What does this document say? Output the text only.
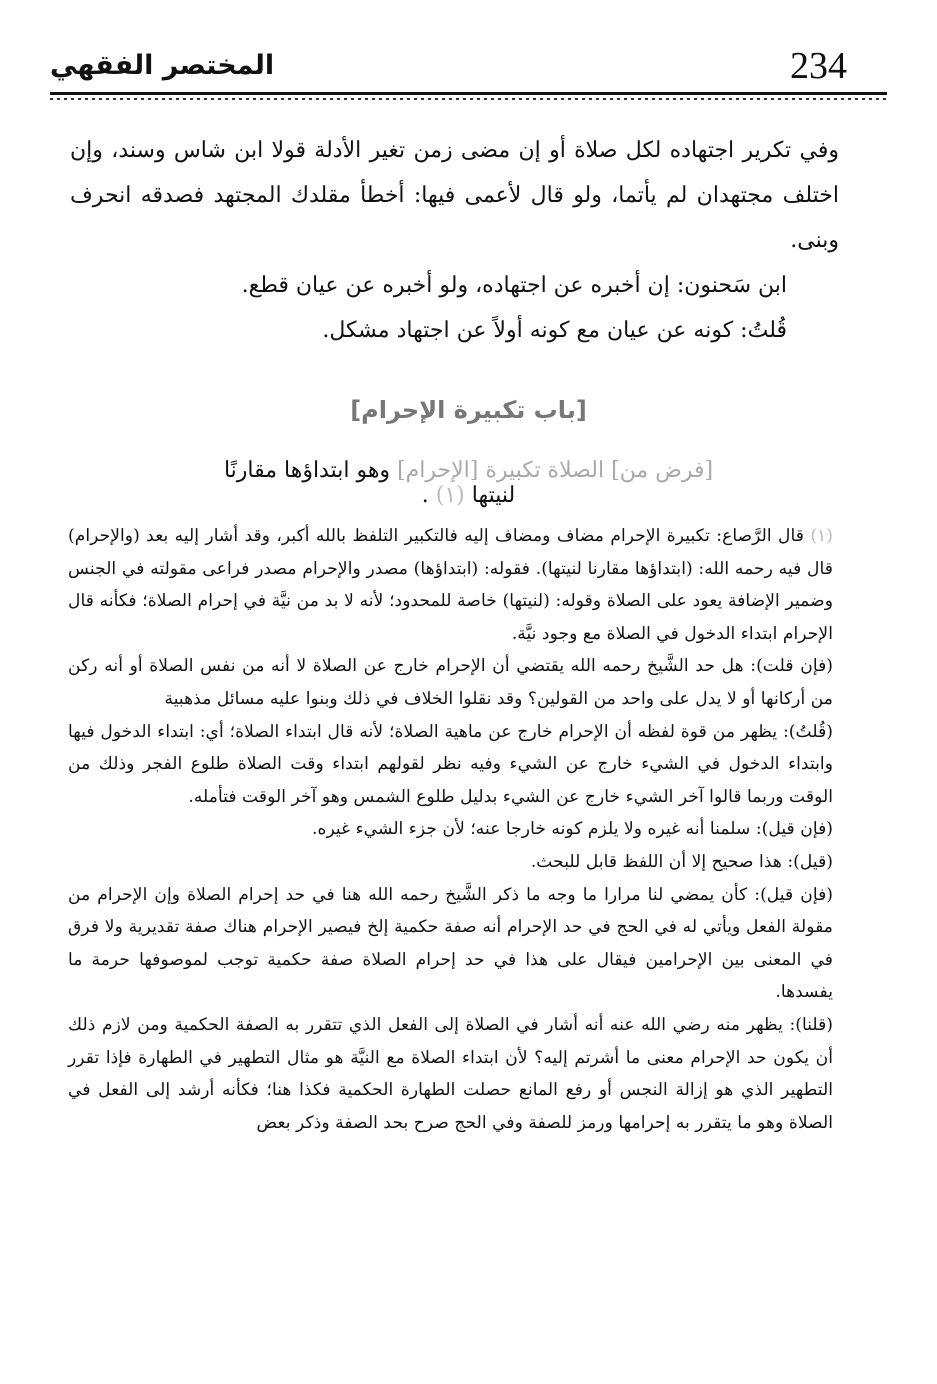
234
المختصر الفقهي

وفي تكرير اجتهاده لكل صلاة أو إن مضى زمن تغير الأدلة قولا ابن شاس وسند، وإن اختلف مجتهدان لم يأتما، ولو قال لأعمى فيها: أخطأ مقلدك المجتهد فصدقه انحرف وبنى.

ابن سَحنون: إن أخبره عن اجتهاده، ولو أخبره عن عيان قطع.

قُلتُ: كونه عن عيان مع كونه أولاً عن اجتهاد مشكل.

[باب تكبيرة الإحرام]
[فرض من] الصلاة تكبيرة [الإحرام] وهو ابتداؤها مقارنًا لنيتها (١) .

(١) قال الرَّصاع: تكبيرة الإحرام مضاف ومضاف إليه فالتكبير التلفظ بالله أكبر، وقد أشار إليه بعد (والإحرام) قال فيه رحمه الله: (ابتداؤها مقارنا لنيتها). فقوله: (ابتداؤها) مصدر والإحرام مصدر فراعى مقولته في الجنس وضمير الإضافة يعود على الصلاة وقوله: (لنيتها) خاصة للمحدود؛ لأنه لا بد من نيَّة في إحرام الصلاة؛ فكأنه قال الإحرام ابتداء الدخول في الصلاة مع وجود نيَّة.

(فإن قلت): هل حد الشَّيخ رحمه الله يقتضي أن الإحرام خارج عن الصلاة لا أنه من نفس الصلاة أو أنه ركن من أركانها أو لا يدل على واحد من القولين؟ وقد نقلوا الخلاف في ذلك وبنوا عليه مسائل مذهبية

(قُلتُ): يظهر من قوة لفظه أن الإحرام خارج عن ماهية الصلاة؛ لأنه قال ابتداء الصلاة؛ أي: ابتداء الدخول فيها وابتداء الدخول في الشيء خارج عن الشيء وفيه نظر لقولهم ابتداء وقت الصلاة طلوع الفجر وذلك من الوقت وربما قالوا آخر الشيء خارج عن الشيء بدليل طلوع الشمس وهو آخر الوقت فتأمله.

(فإن قيل): سلمنا أنه غيره ولا يلزم كونه خارجا عنه؛ لأن جزء الشيء غيره.

(قيل): هذا صحيح إلا أن اللفظ قابل للبحث.

(فإن قيل): كأن يمضي لنا مرارا ما وجه ما ذكر الشَّيخ رحمه الله هنا في حد إحرام الصلاة وإن الإحرام من مقولة الفعل ويأتي له في الحج في حد الإحرام أنه صفة حكمية إلخ فيصير الإحرام هناك صفة تقديرية ولا فرق في المعنى بين الإحرامين فيقال على هذا في حد إحرام الصلاة صفة حكمية توجب لموصوفها حرمة ما يفسدها.

(قلنا): يظهر منه رضي الله عنه أنه أشار في الصلاة إلى الفعل الذي تتقرر به الصفة الحكمية ومن لازم ذلك أن يكون حد الإحرام معنى ما أشرتم إليه؟ لأن ابتداء الصلاة مع النيَّة هو مثال التطهير في الطهارة فإذا تقرر التطهير الذي هو إزالة النجس أو رفع المانع حصلت الطهارة الحكمية فكذا هنا؛ فكأنه أرشد إلى الفعل في الصلاة وهو ما يتقرر به إحرامها ورمز للصفة وفي الحج صرح بحد الصفة وذكر بعض
